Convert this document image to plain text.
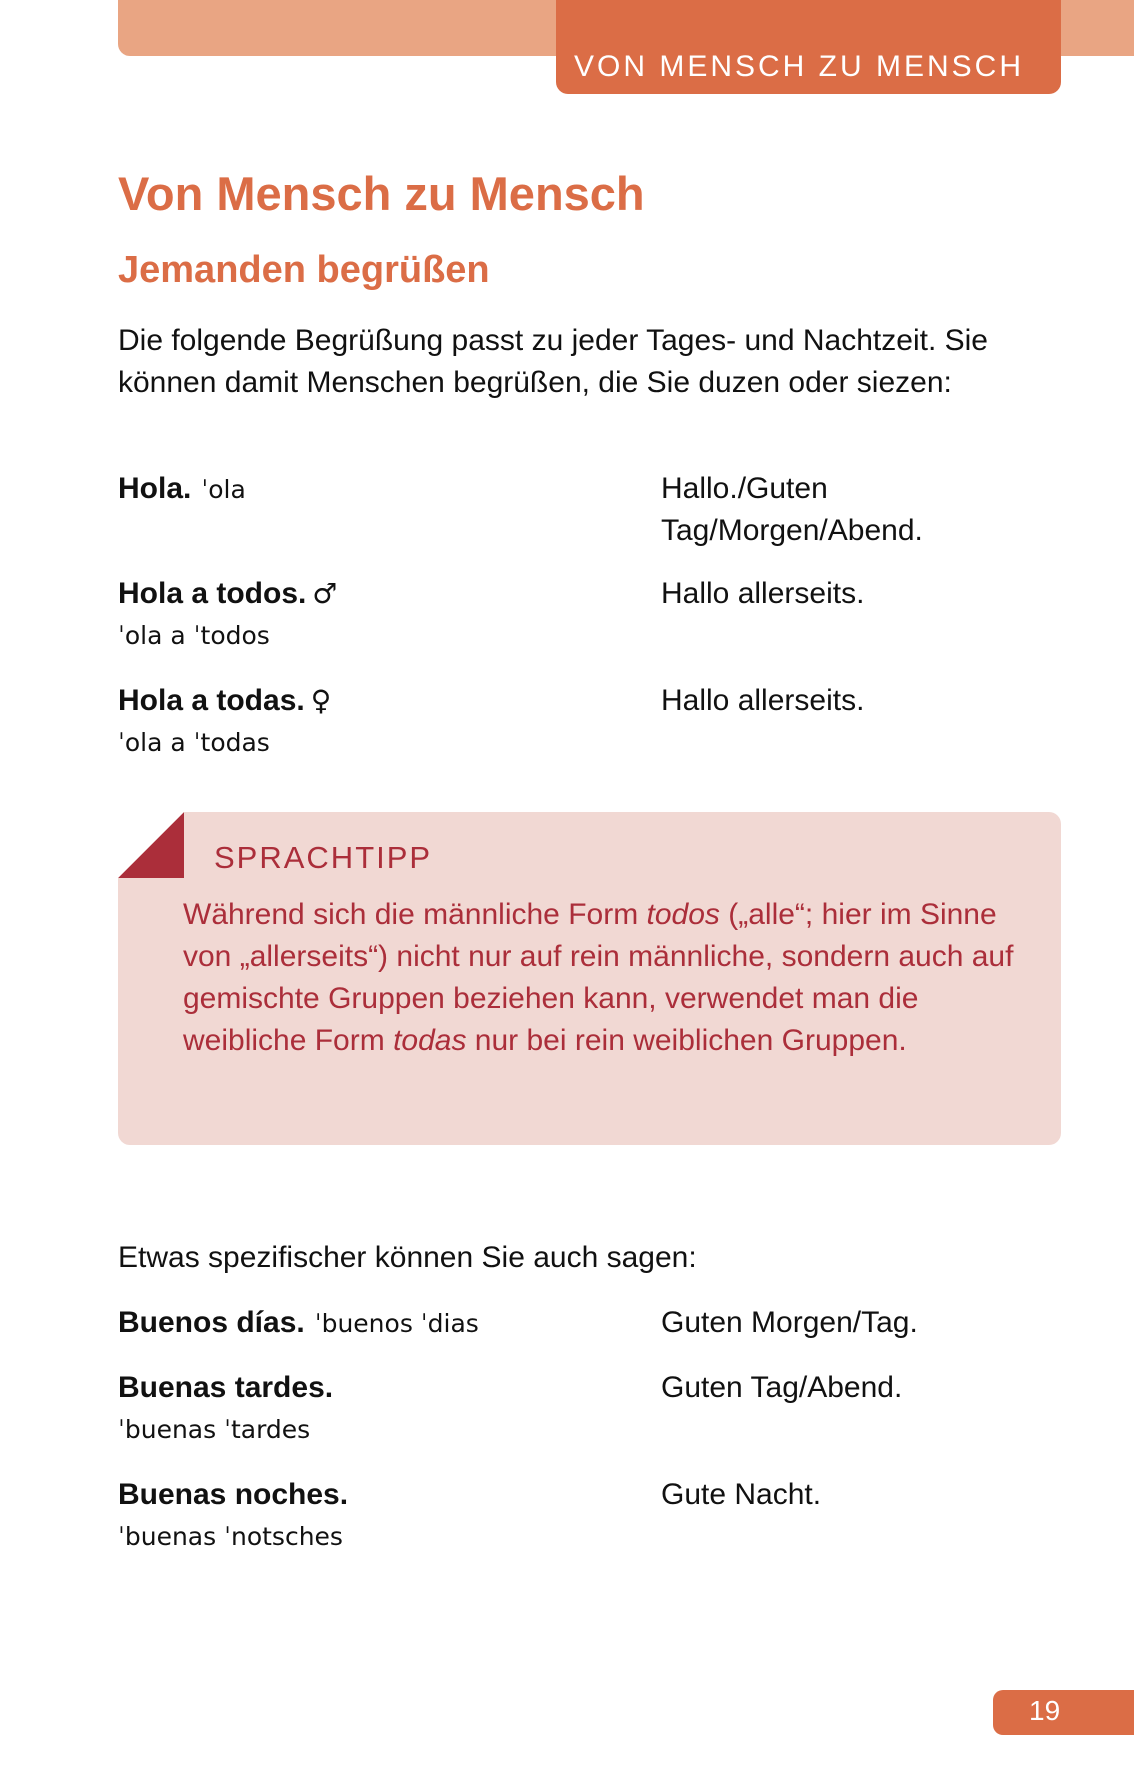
VON MENSCH ZU MENSCH
Von Mensch zu Mensch
Jemanden begrüßen

Die folgende Begrüßung passt zu jeder Tages- und Nachtzeit. Sie können damit Menschen begrüßen, die Sie duzen oder siezen:

Hola. ˈola	Hallo./Guten Tag/Morgen/Abend.
Hola a todos. ♂
ˈola a ˈtodos
Hallo allerseits.
Hola a todas. ♀
ˈola a ˈtodas
Hallo allerseits.
SPRACHTIPP

Während sich die männliche Form todos („alle“; hier im Sinne von „allerseits“) nicht nur auf rein männliche, sondern auch auf gemischte Gruppen beziehen kann, verwendet man die weibliche Form todas nur bei rein weiblichen Gruppen.

Etwas spezifischer können Sie auch sagen:

Buenos días. ˈbuenos ˈdias	Guten Morgen/Tag.
Buenas tardes.
ˈbuenas ˈtardes
Guten Tag/Abend.
Buenas noches.
ˈbuenas ˈnotsches
Gute Nacht.
19
